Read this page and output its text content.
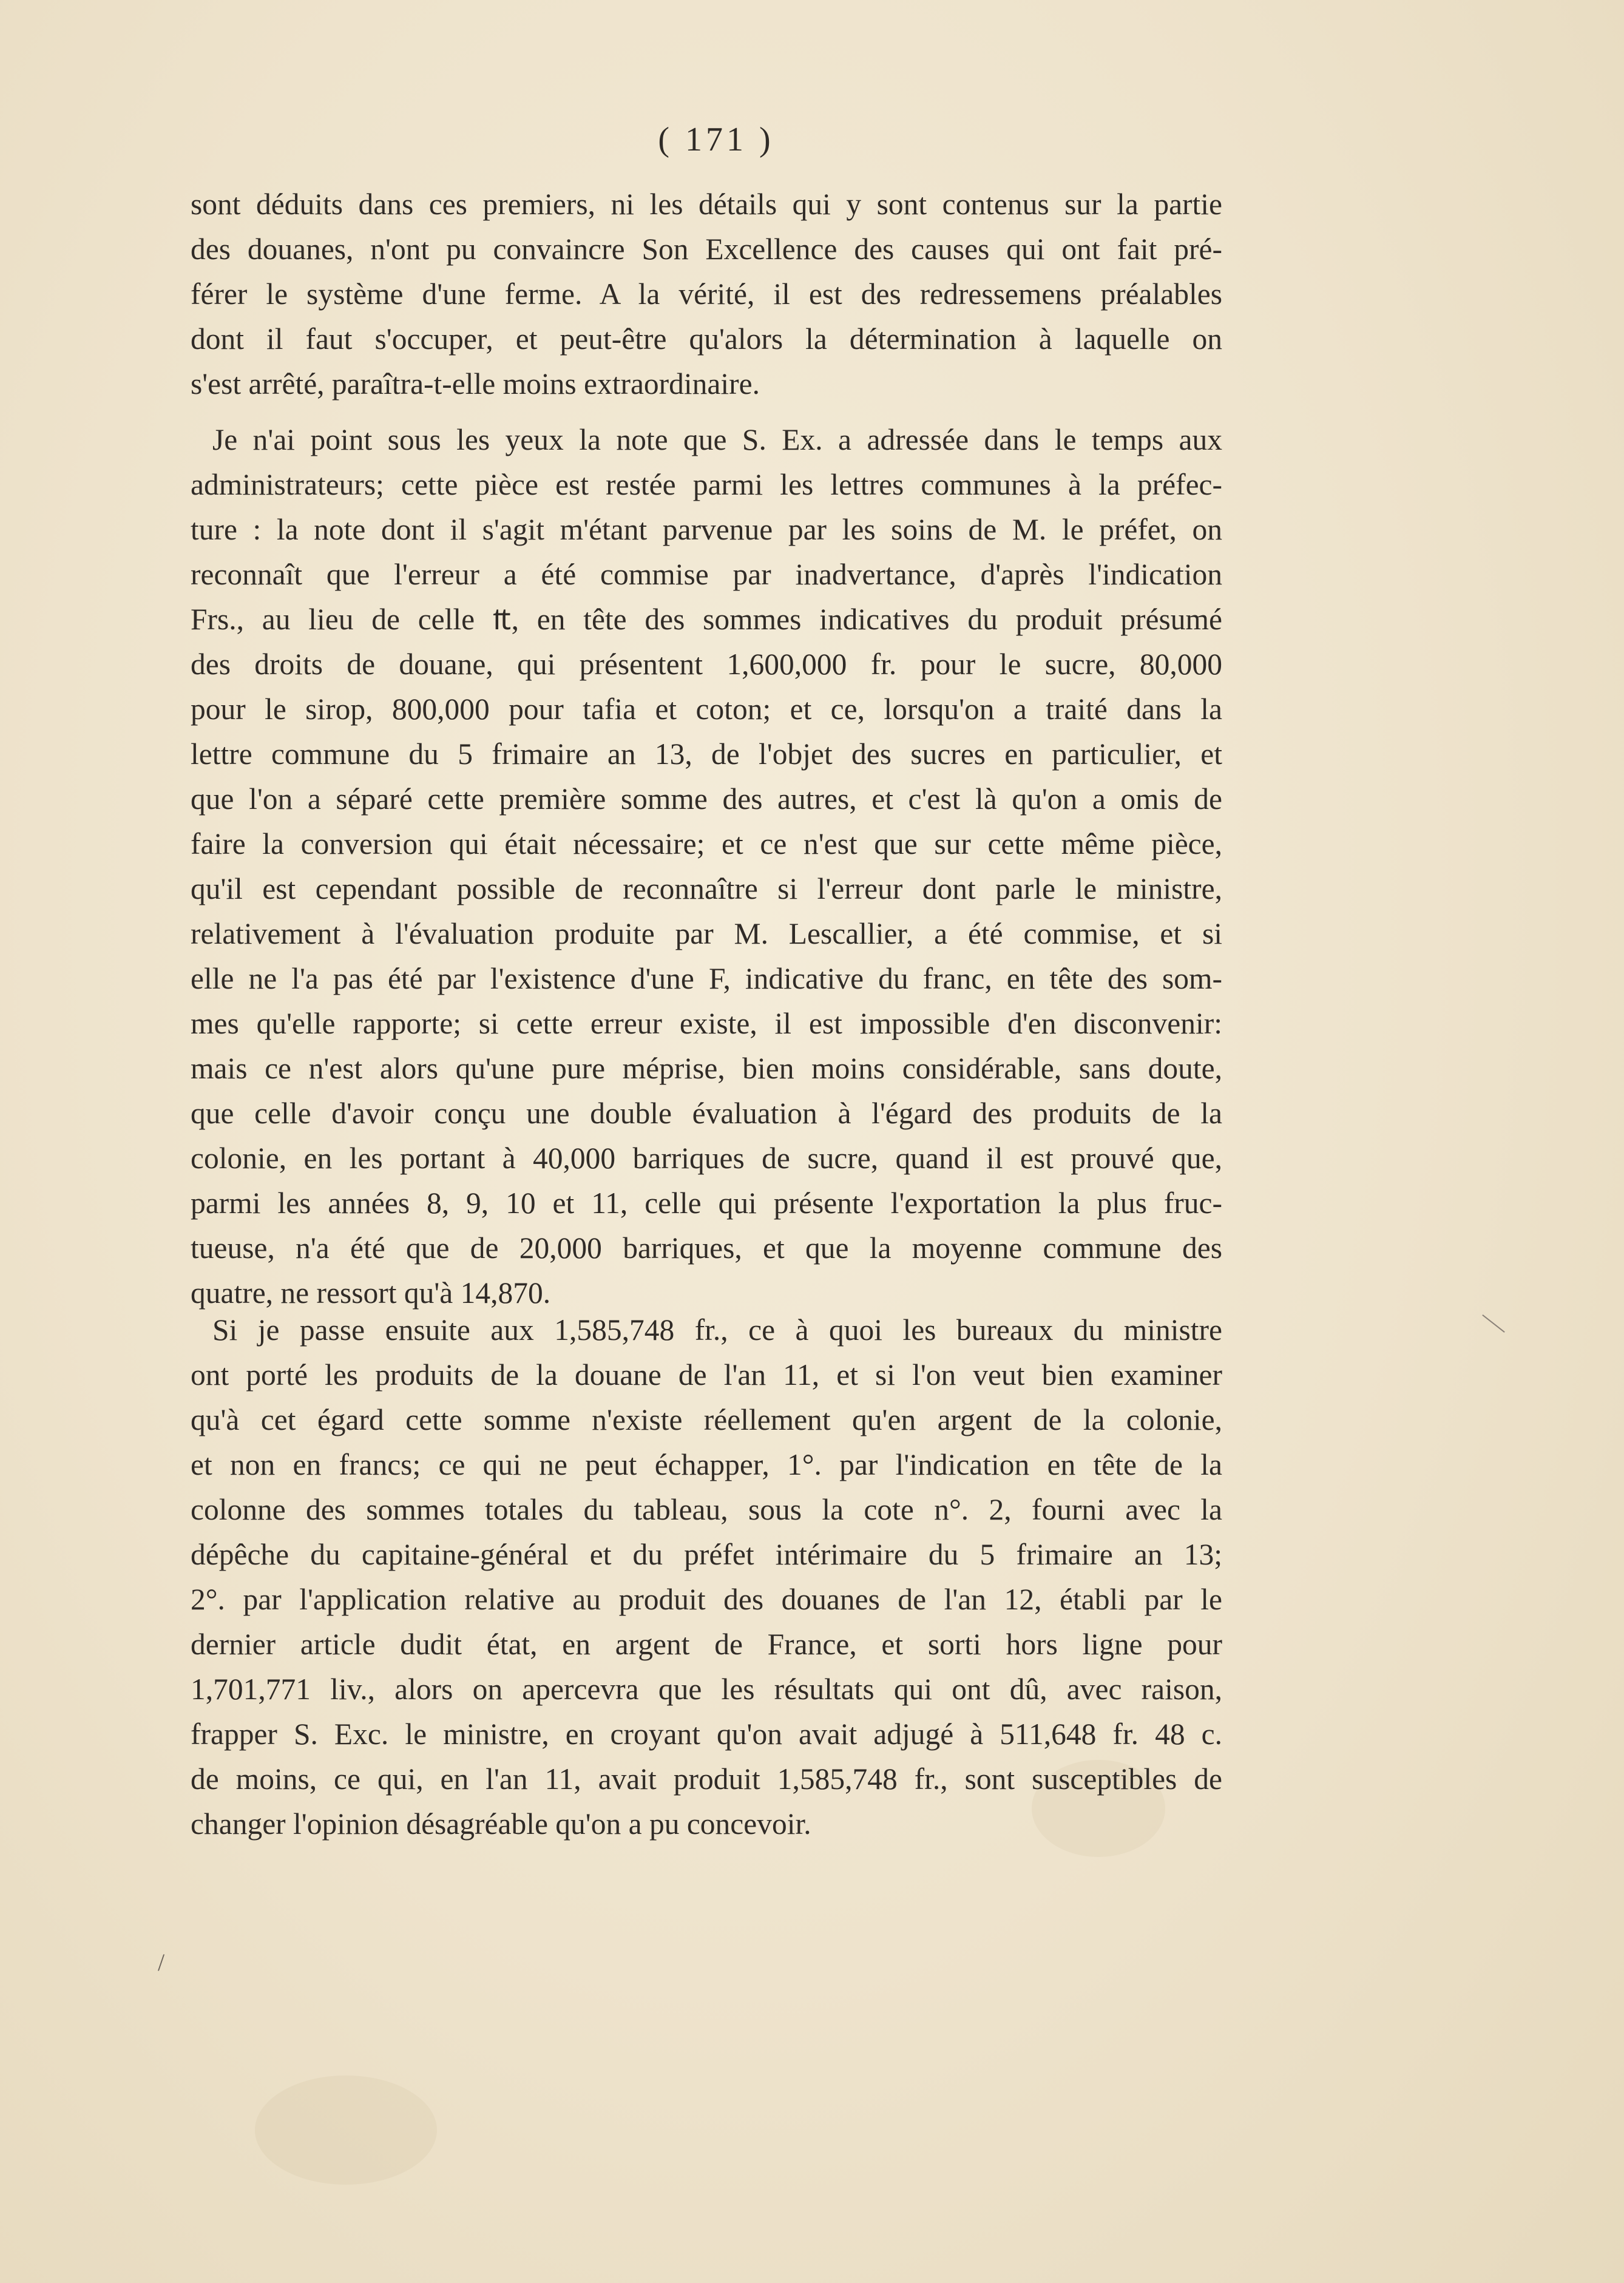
( 171 )
sont déduits dans ces premiers, ni les détails qui y sont contenus sur la partie
des douanes, n'ont pu convaincre Son Excellence des causes qui ont fait pré-
férer le système d'une ferme. A la vérité, il est des redressemens préalables
dont il faut s'occuper, et peut-être qu'alors la détermination à laquelle on
s'est arrêté, paraîtra-t-elle moins extraordinaire.
Je n'ai point sous les yeux la note que S. Ex. a adressée dans le temps aux
administrateurs; cette pièce est restée parmi les lettres communes à la préfec-
ture : la note dont il s'agit m'étant parvenue par les soins de M. le préfet, on
reconnaît que l'erreur a été commise par inadvertance, d'après l'indication
Frs., au lieu de celle ₶, en tête des sommes indicatives du produit présumé
des droits de douane, qui présentent 1,600,000 fr. pour le sucre, 80,000
pour le sirop, 800,000 pour tafia et coton; et ce, lorsqu'on a traité dans la
lettre commune du 5 frimaire an 13, de l'objet des sucres en particulier, et
que l'on a séparé cette première somme des autres, et c'est là qu'on a omis de
faire la conversion qui était nécessaire; et ce n'est que sur cette même pièce,
qu'il est cependant possible de reconnaître si l'erreur dont parle le ministre,
relativement à l'évaluation produite par M. Lescallier, a été commise, et si
elle ne l'a pas été par l'existence d'une F, indicative du franc, en tête des som-
mes qu'elle rapporte; si cette erreur existe, il est impossible d'en disconvenir:
mais ce n'est alors qu'une pure méprise, bien moins considérable, sans doute,
que celle d'avoir conçu une double évaluation à l'égard des produits de la
colonie, en les portant à 40,000 barriques de sucre, quand il est prouvé que,
parmi les années 8, 9, 10 et 11, celle qui présente l'exportation la plus fruc-
tueuse, n'a été que de 20,000 barriques, et que la moyenne commune des
quatre, ne ressort qu'à 14,870.
Si je passe ensuite aux 1,585,748 fr., ce à quoi les bureaux du ministre
ont porté les produits de la douane de l'an 11, et si l'on veut bien examiner
qu'à cet égard cette somme n'existe réellement qu'en argent de la colonie,
et non en francs; ce qui ne peut échapper, 1°. par l'indication en tête de la
colonne des sommes totales du tableau, sous la cote n°. 2, fourni avec la
dépêche du capitaine-général et du préfet intérimaire du 5 frimaire an 13;
2°. par l'application relative au produit des douanes de l'an 12, établi par le
dernier article dudit état, en argent de France, et sorti hors ligne pour
1,701,771 liv., alors on apercevra que les résultats qui ont dû, avec raison,
frapper S. Exc. le ministre, en croyant qu'on avait adjugé à 511,648 fr. 48 c.
de moins, ce qui, en l'an 11, avait produit 1,585,748 fr., sont susceptibles de
changer l'opinion désagréable qu'on a pu concevoir.
/
